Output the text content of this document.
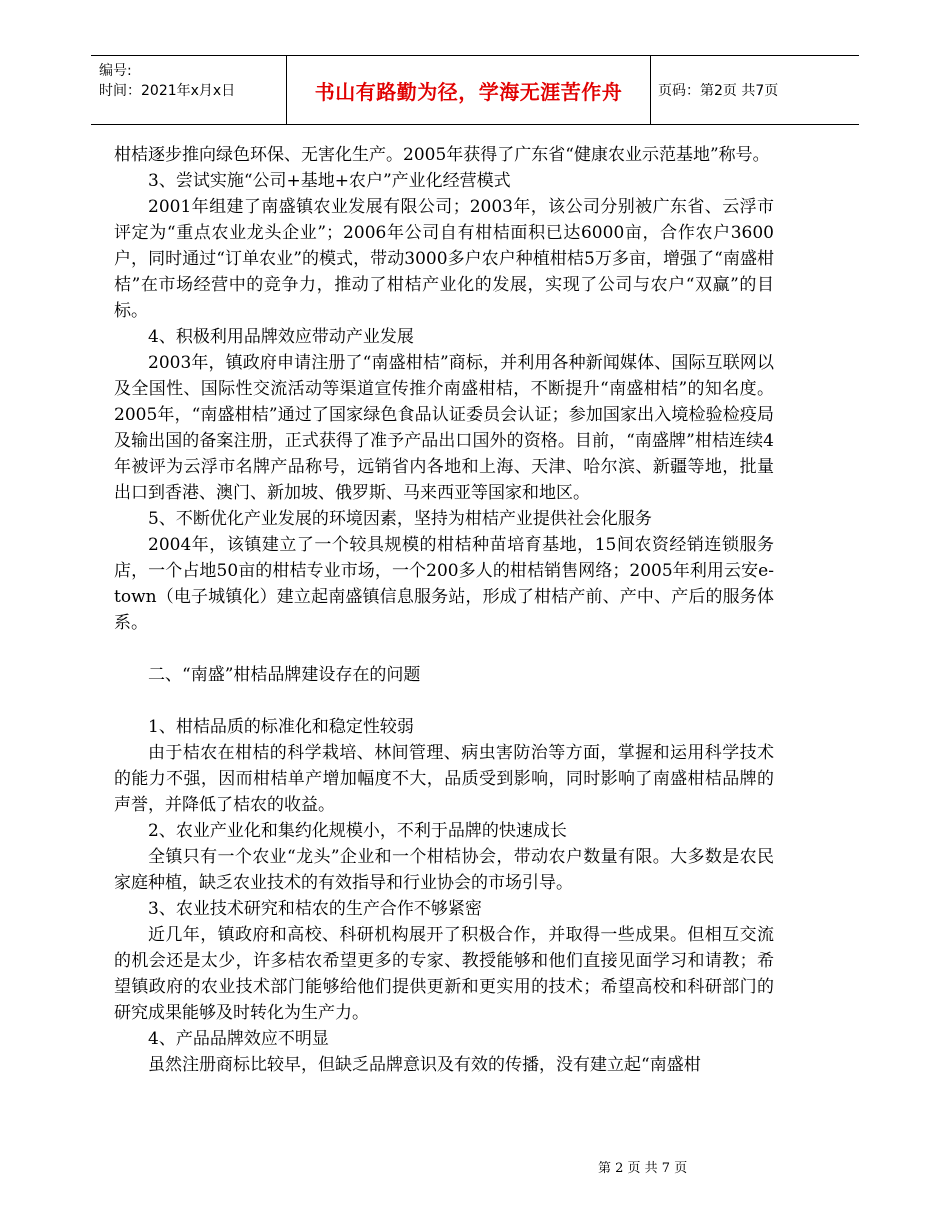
编号:
时间：2021年x月x日	书山有路勤为径，学海无涯苦作舟	页码：第2页 共7页

柑桔逐步推向绿色环保、无害化生产。2005年获得了广东省“健康农业示范基地”称号。

3、尝试实施“公司+基地+农户”产业化经营模式

2001年组建了南盛镇农业发展有限公司；2003年，该公司分别被广东省、云浮市评定为“重点农业龙头企业”；2006年公司自有柑桔面积已达6000亩，合作农户3600户，同时通过“订单农业”的模式，带动3000多户农户种植柑桔5万多亩，增强了“南盛柑桔”在市场经营中的竞争力，推动了柑桔产业化的发展，实现了公司与农户“双赢”的目标。

4、积极利用品牌效应带动产业发展

2003年，镇政府申请注册了“南盛柑桔”商标，并利用各种新闻媒体、国际互联网以及全国性、国际性交流活动等渠道宣传推介南盛柑桔，不断提升“南盛柑桔”的知名度。2005年，“南盛柑桔”通过了国家绿色食品认证委员会认证；参加国家出入境检验检疫局及输出国的备案注册，正式获得了准予产品出口国外的资格。目前，“南盛牌”柑桔连续4年被评为云浮市名牌产品称号，远销省内各地和上海、天津、哈尔滨、新疆等地，批量出口到香港、澳门、新加坡、俄罗斯、马来西亚等国家和地区。

5、不断优化产业发展的环境因素，坚持为柑桔产业提供社会化服务

2004年，该镇建立了一个较具规模的柑桔种苗培育基地，15间农资经销连锁服务店，一个占地50亩的柑桔专业市场，一个200多人的柑桔销售网络；2005年利用云安e-town（电子城镇化）建立起南盛镇信息服务站，形成了柑桔产前、产中、产后的服务体系。

二、“南盛”柑桔品牌建设存在的问题

1、柑桔品质的标准化和稳定性较弱

由于桔农在柑桔的科学栽培、林间管理、病虫害防治等方面，掌握和运用科学技术的能力不强，因而柑桔单产增加幅度不大，品质受到影响，同时影响了南盛柑桔品牌的声誉，并降低了桔农的收益。

2、农业产业化和集约化规模小，不利于品牌的快速成长

全镇只有一个农业“龙头”企业和一个柑桔协会，带动农户数量有限。大多数是农民家庭种植，缺乏农业技术的有效指导和行业协会的市场引导。

3、农业技术研究和桔农的生产合作不够紧密

近几年，镇政府和高校、科研机构展开了积极合作，并取得一些成果。但相互交流的机会还是太少，许多桔农希望更多的专家、教授能够和他们直接见面学习和请教；希望镇政府的农业技术部门能够给他们提供更新和更实用的技术；希望高校和科研部门的研究成果能够及时转化为生产力。

4、产品品牌效应不明显

虽然注册商标比较早，但缺乏品牌意识及有效的传播，没有建立起“南盛柑

第 2 页 共 7 页
